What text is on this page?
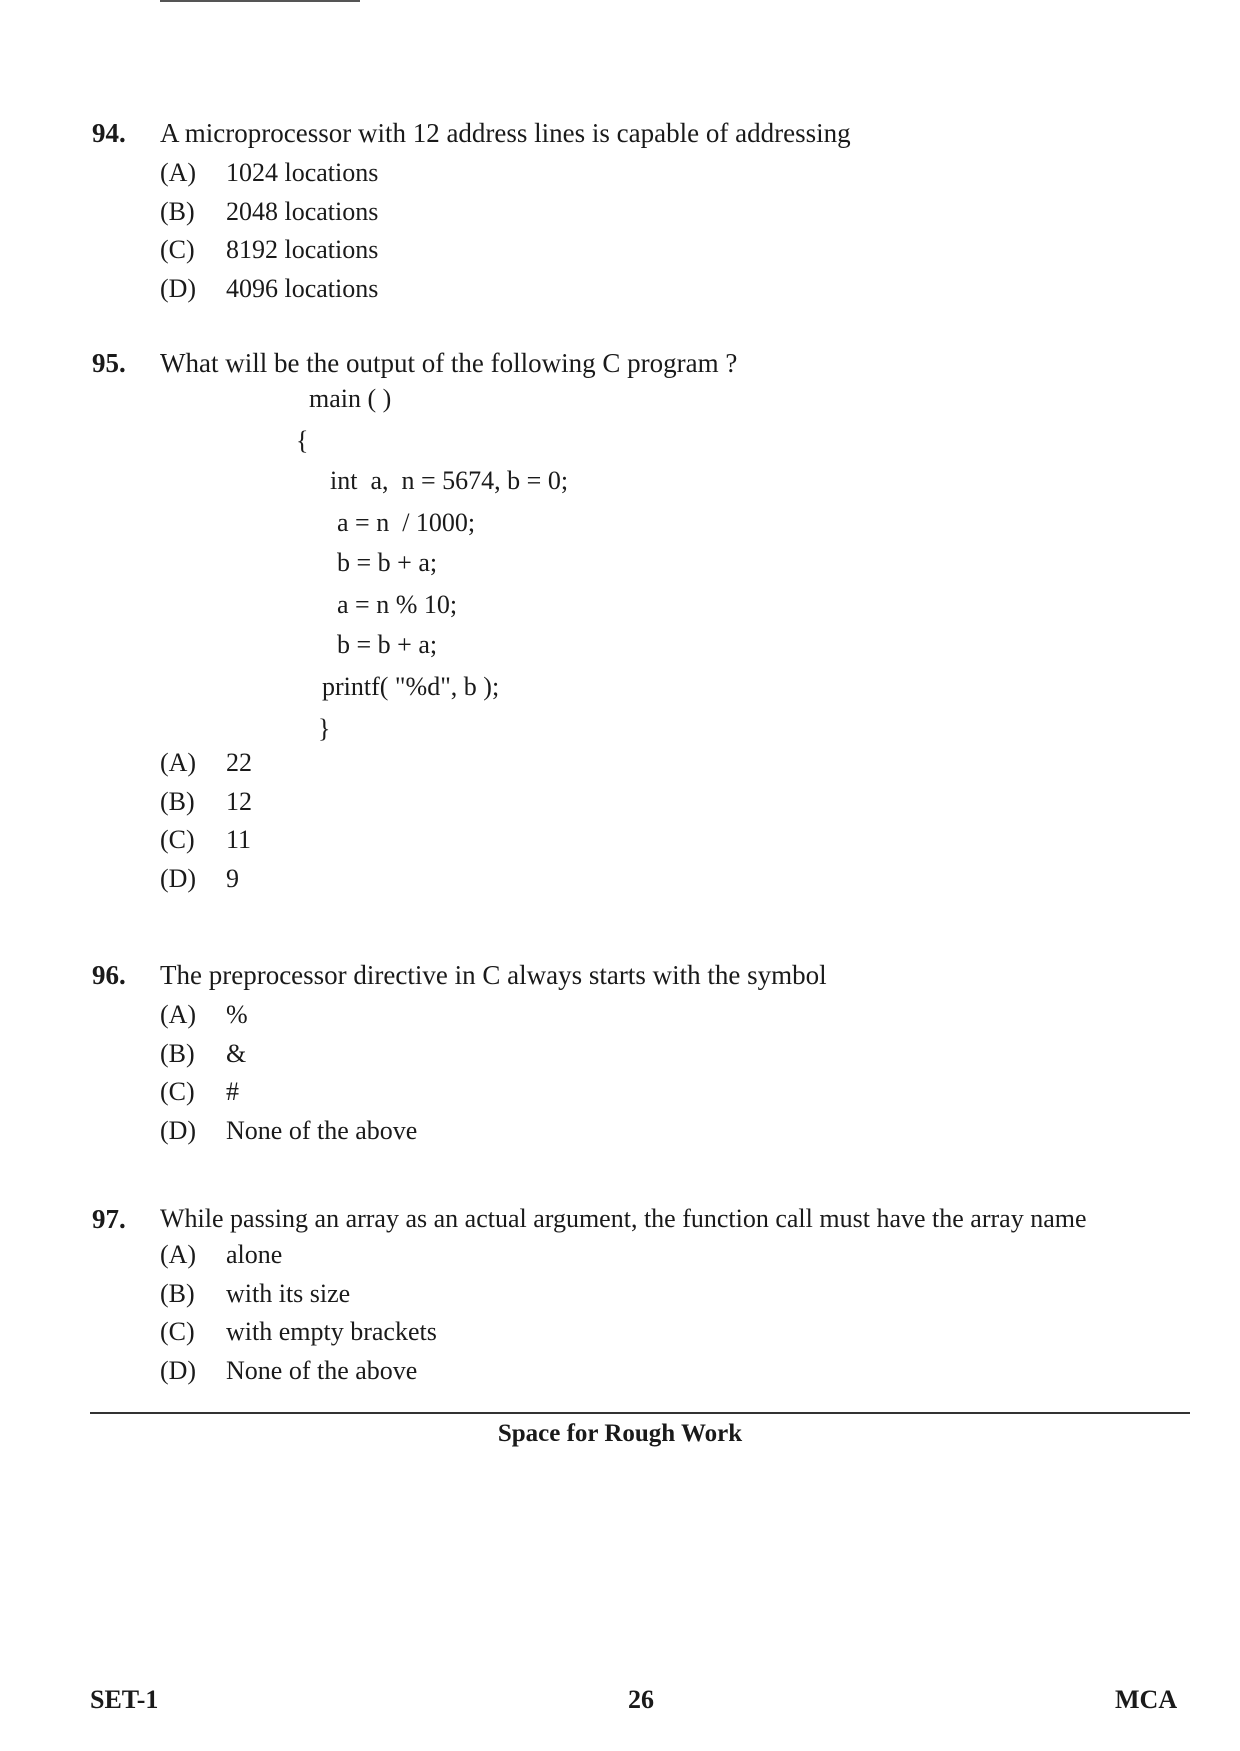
94.	A microprocessor with 12 address lines is capable of addressing
(A)	1024 locations
(B)	2048 locations
(C)	8192 locations
(D)	4096 locations
95.	What will be the output of the following C program ?
main ( )
{
int  a,  n = 5674, b = 0;
a = n  / 1000;
b = b + a;
a = n % 10;
b = b + a;
printf( "%d", b );
}
(A)	22
(B)	12
(C)	11
(D)	9
96.	The preprocessor directive in C always starts with the symbol
(A)	%
(B)	&
(C)	#
(D)	None of the above
97.	While passing an array as an actual argument, the function call must have the array name
(A)	alone
(B)	with its size
(C)	with empty brackets
(D)	None of the above
Space for Rough Work
SET-1	26	MCA
